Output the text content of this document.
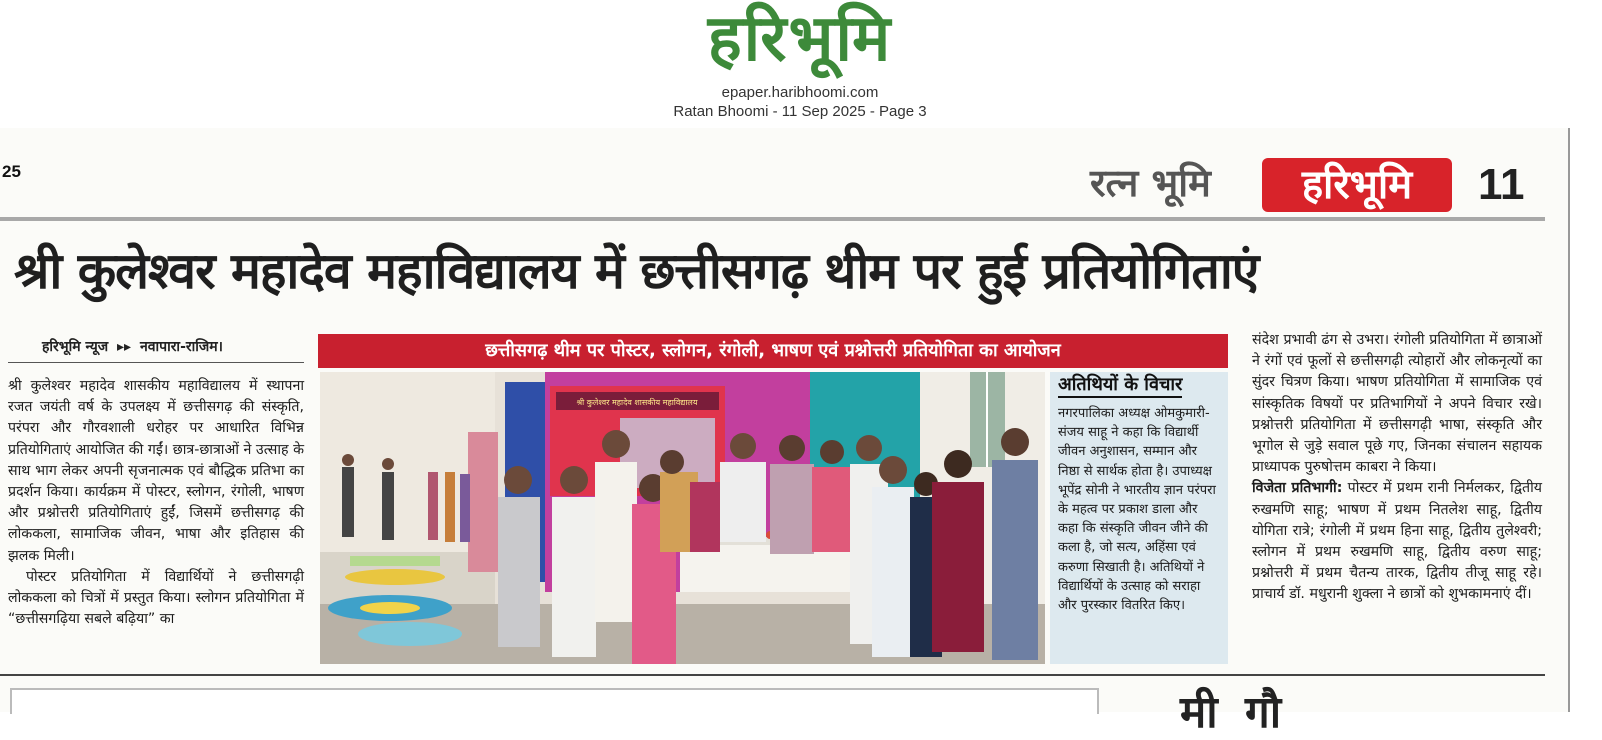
हरिभूमि
epaper.haribhoomi.com
Ratan Bhoomi - 11 Sep 2025 - Page 3
25	रत्न भूमि	हरिभूमि	11
श्री कुलेश्वर महादेव महाविद्यालय में छत्तीसगढ़ थीम पर हुई प्रतियोगिताएं
हरिभूमि न्यूज ▸▸ नवापारा-राजिम।

श्री कुलेश्वर महादेव शासकीय महाविद्यालय में स्थापना रजत जयंती वर्ष के उपलक्ष्य में छत्तीसगढ़ की संस्कृति, परंपरा और गौरवशाली धरोहर पर आधारित विभिन्न प्रतियोगिताएं आयोजित की गईं। छात्र-छात्राओं ने उत्साह के साथ भाग लेकर अपनी सृजनात्मक एवं बौद्धिक प्रतिभा का प्रदर्शन किया। कार्यक्रम में पोस्टर, स्लोगन, रंगोली, भाषण और प्रश्नोत्तरी प्रतियोगिताएं हुईं, जिसमें छत्तीसगढ़ की लोककला, सामाजिक जीवन, भाषा और इतिहास की झलक मिली।

पोस्टर प्रतियोगिता में विद्यार्थियों ने छत्तीसगढ़ी लोककला को चित्रों में प्रस्तुत किया। स्लोगन प्रतियोगिता में “छत्तीसगढ़िया सबले बढ़िया” का

छत्तीसगढ़ थीम पर पोस्टर, स्लोगन, रंगोली, भाषण एवं प्रश्नोत्तरी प्रतियोगिता का आयोजन
श्री कुलेश्वर महादेव शासकीय महाविद्यालय
अतिथियों के विचार
नगरपालिका अध्यक्ष ओमकुमारी-संजय साहू ने कहा कि विद्यार्थी जीवन अनुशासन, सम्मान और निष्ठा से सार्थक होता है। उपाध्यक्ष भूपेंद्र सोनी ने भारतीय ज्ञान परंपरा के महत्व पर प्रकाश डाला और कहा कि संस्कृति जीवन जीने की कला है, जो सत्य, अहिंसा एवं करुणा सिखाती है। अतिथियों ने विद्यार्थियों के उत्साह को सराहा और पुरस्कार वितरित किए।

संदेश प्रभावी ढंग से उभरा। रंगोली प्रतियोगिता में छात्राओं ने रंगों एवं फूलों से छत्तीसगढ़ी त्योहारों और लोकनृत्यों का सुंदर चित्रण किया। भाषण प्रतियोगिता में सामाजिक एवं सांस्कृतिक विषयों पर प्रतिभागियों ने अपने विचार रखे। प्रश्नोत्तरी प्रतियोगिता में छत्तीसगढ़ी भाषा, संस्कृति और भूगोल से जुड़े सवाल पूछे गए, जिनका संचालन सहायक प्राध्यापक पुरुषोत्तम काबरा ने किया।

विजेता प्रतिभागी: पोस्टर में प्रथम रानी निर्मलकर, द्वितीय रुखमणि साहू; भाषण में प्रथम नितलेश साहू, द्वितीय योगिता रात्रे; रंगोली में प्रथम हिना साहू, द्वितीय तुलेश्वरी; स्लोगन में प्रथम रुखमणि साहू, द्वितीय वरुण साहू; प्रश्नोत्तरी में प्रथम चैतन्य तारक, द्वितीय तीजू साहू रहे। प्राचार्य डॉ. मधुरानी शुक्ला ने छात्रों को शुभकामनाएं दीं।

मी गौ
